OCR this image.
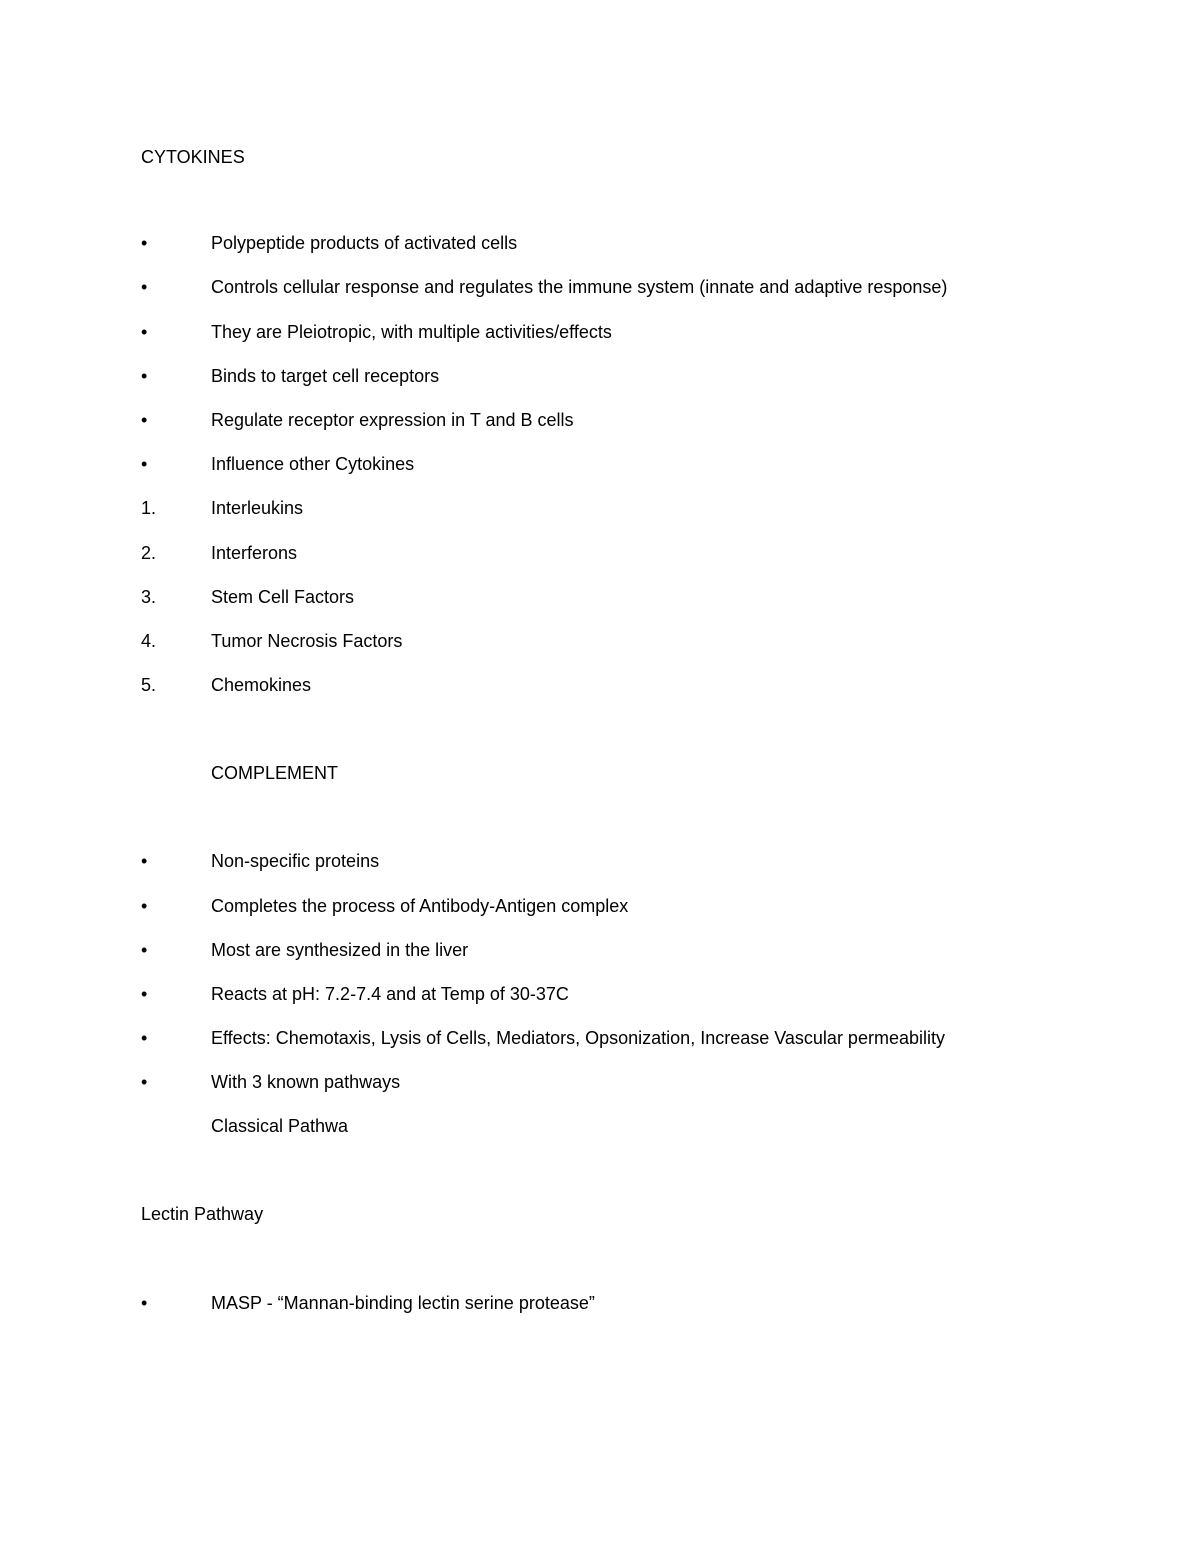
CYTOKINES
•	Polypeptide products of activated cells
•	Controls cellular response and regulates the immune system (innate and adaptive response)
•	They are Pleiotropic, with multiple activities/effects
•	Binds to target cell receptors
•	Regulate receptor expression in T and B cells
•	Influence other Cytokines
1.	Interleukins
2.	Interferons
3.	Stem Cell Factors
4.	Tumor Necrosis Factors
5.	Chemokines
COMPLEMENT
•	Non-specific proteins
•	Completes the process of Antibody-Antigen complex
•	Most are synthesized in the liver
•	Reacts at pH: 7.2-7.4 and at Temp of 30-37C
•	Effects: Chemotaxis, Lysis of Cells, Mediators, Opsonization, Increase Vascular permeability
•	With 3 known pathways
Classical Pathwa
Lectin Pathway
•	MASP - “Mannan-binding lectin serine protease”
